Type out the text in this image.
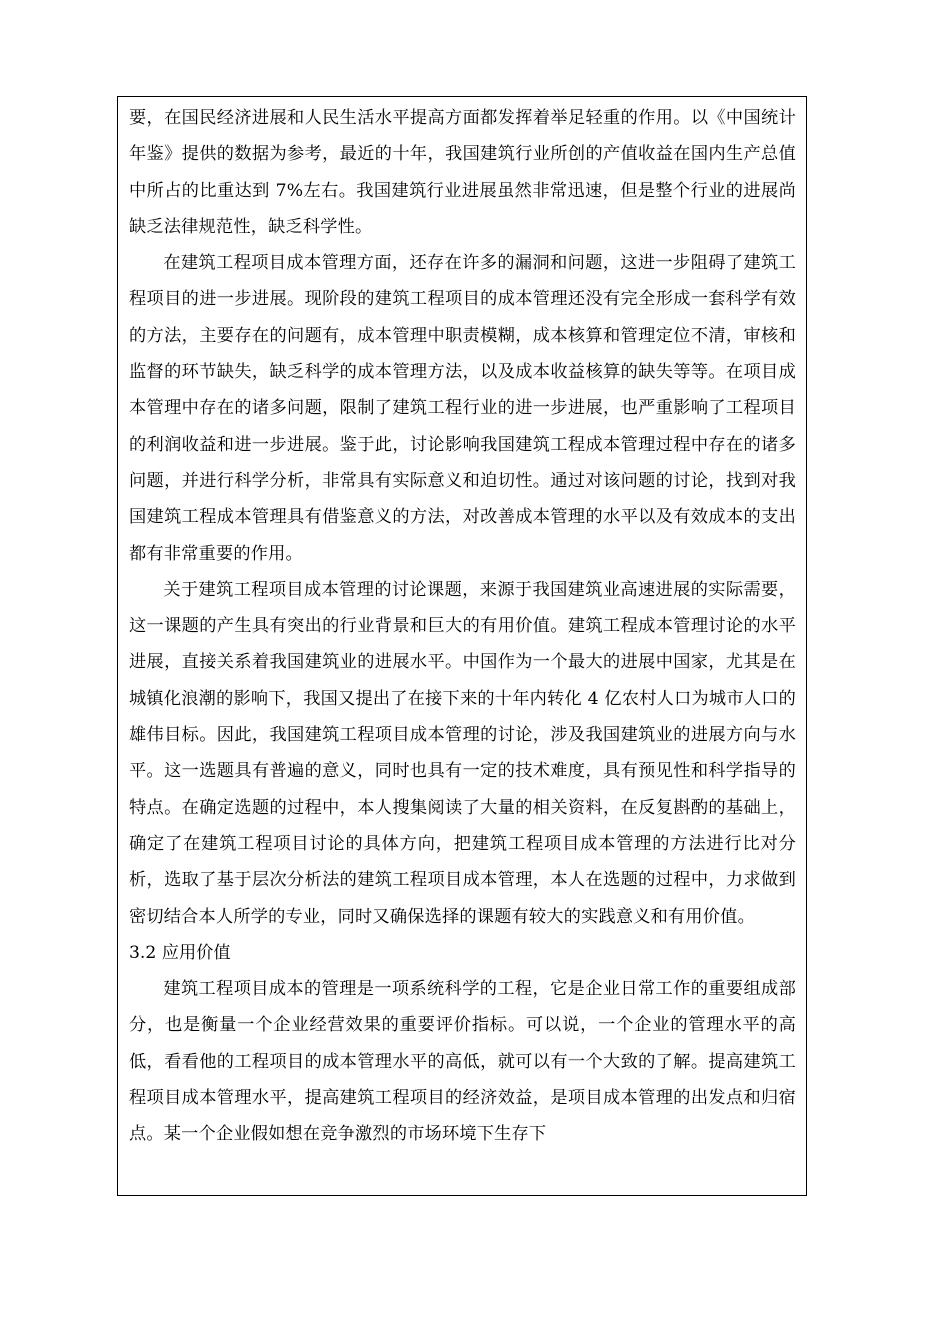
要，在国民经济进展和人民生活水平提高方面都发挥着举足轻重的作用。以《中国统计年鉴》提供的数据为参考，最近的十年，我国建筑行业所创的产值收益在国内生产总值中所占的比重达到 7%左右。我国建筑行业进展虽然非常迅速，但是整个行业的进展尚缺乏法律规范性，缺乏科学性。

在建筑工程项目成本管理方面，还存在许多的漏洞和问题，这进一步阻碍了建筑工程项目的进一步进展。现阶段的建筑工程项目的成本管理还没有完全形成一套科学有效的方法，主要存在的问题有，成本管理中职责模糊，成本核算和管理定位不清，审核和监督的环节缺失，缺乏科学的成本管理方法，以及成本收益核算的缺失等等。在项目成本管理中存在的诸多问题，限制了建筑工程行业的进一步进展，也严重影响了工程项目的利润收益和进一步进展。鉴于此，讨论影响我国建筑工程成本管理过程中存在的诸多问题，并进行科学分析，非常具有实际意义和迫切性。通过对该问题的讨论，找到对我国建筑工程成本管理具有借鉴意义的方法，对改善成本管理的水平以及有效成本的支出都有非常重要的作用。

关于建筑工程项目成本管理的讨论课题，来源于我国建筑业高速进展的实际需要，这一课题的产生具有突出的行业背景和巨大的有用价值。建筑工程成本管理讨论的水平进展，直接关系着我国建筑业的进展水平。中国作为一个最大的进展中国家，尤其是在城镇化浪潮的影响下，我国又提出了在接下来的十年内转化 4 亿农村人口为城市人口的雄伟目标。因此，我国建筑工程项目成本管理的讨论，涉及我国建筑业的进展方向与水平。这一选题具有普遍的意义，同时也具有一定的技术难度，具有预见性和科学指导的特点。在确定选题的过程中，本人搜集阅读了大量的相关资料，在反复斟酌的基础上，确定了在建筑工程项目讨论的具体方向，把建筑工程项目成本管理的方法进行比对分析，选取了基于层次分析法的建筑工程项目成本管理，本人在选题的过程中，力求做到密切结合本人所学的专业，同时又确保选择的课题有较大的实践意义和有用价值。

3.2 应用价值

建筑工程项目成本的管理是一项系统科学的工程，它是企业日常工作的重要组成部分，也是衡量一个企业经营效果的重要评价指标。可以说，一个企业的管理水平的高低，看看他的工程项目的成本管理水平的高低，就可以有一个大致的了解。提高建筑工程项目成本管理水平，提高建筑工程项目的经济效益，是项目成本管理的出发点和归宿点。某一个企业假如想在竞争激烈的市场环境下生存下
